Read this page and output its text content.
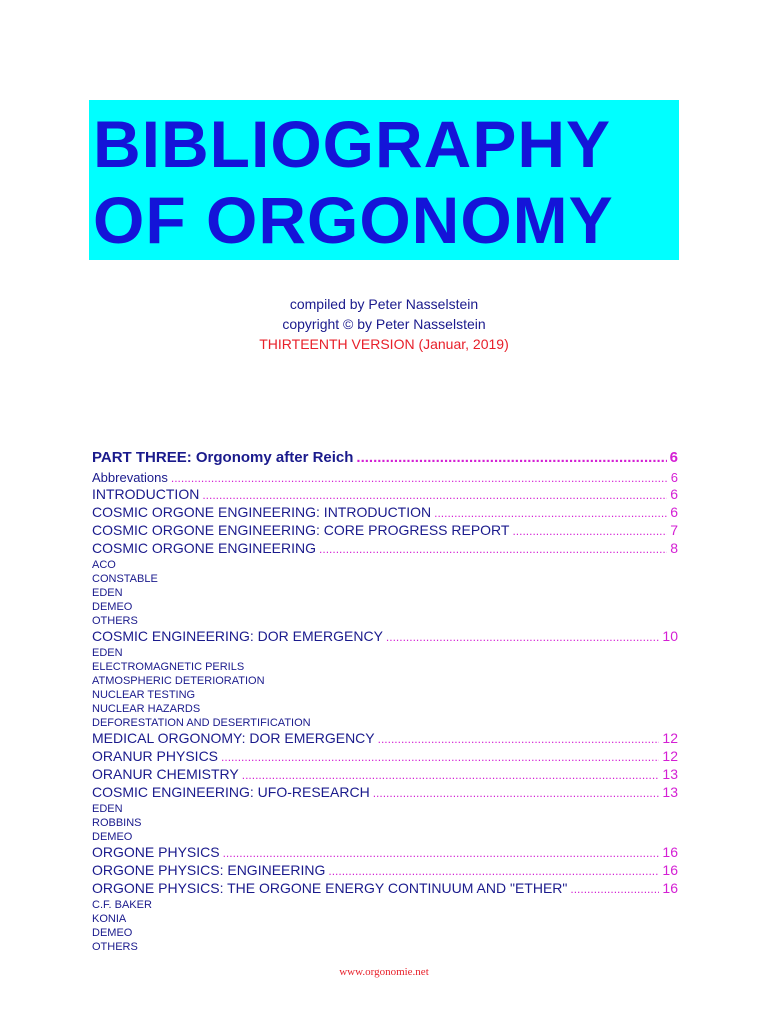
BIBLIOGRAPHY
OF ORGONOMY
compiled by Peter Nasselstein
copyright © by Peter Nasselstein
THIRTEENTH VERSION (Januar, 2019)
PART THREE: Orgonomy after Reich .....	6
Abbrevations .....	6
INTRODUCTION .....	6
COSMIC ORGONE ENGINEERING: INTRODUCTION .....	6
COSMIC ORGONE ENGINEERING: CORE PROGRESS REPORT .....	7
COSMIC ORGONE ENGINEERING .....	8
ACO
CONSTABLE
EDEN
DEMEO
OTHERS
COSMIC ENGINEERING: DOR EMERGENCY .....	10
EDEN
ELECTROMAGNETIC PERILS
ATMOSPHERIC DETERIORATION
NUCLEAR TESTING
NUCLEAR HAZARDS
DEFORESTATION AND DESERTIFICATION
MEDICAL ORGONOMY: DOR EMERGENCY .....	12
ORANUR PHYSICS .....	12
ORANUR CHEMISTRY .....	13
COSMIC ENGINEERING: UFO-RESEARCH .....	13
EDEN
ROBBINS
DEMEO
ORGONE PHYSICS .....	16
ORGONE PHYSICS: ENGINEERING .....	16
ORGONE PHYSICS: THE ORGONE ENERGY CONTINUUM AND "ETHER" .....	16
C.F. BAKER
KONIA
DEMEO
OTHERS
www.orgonomie.net
